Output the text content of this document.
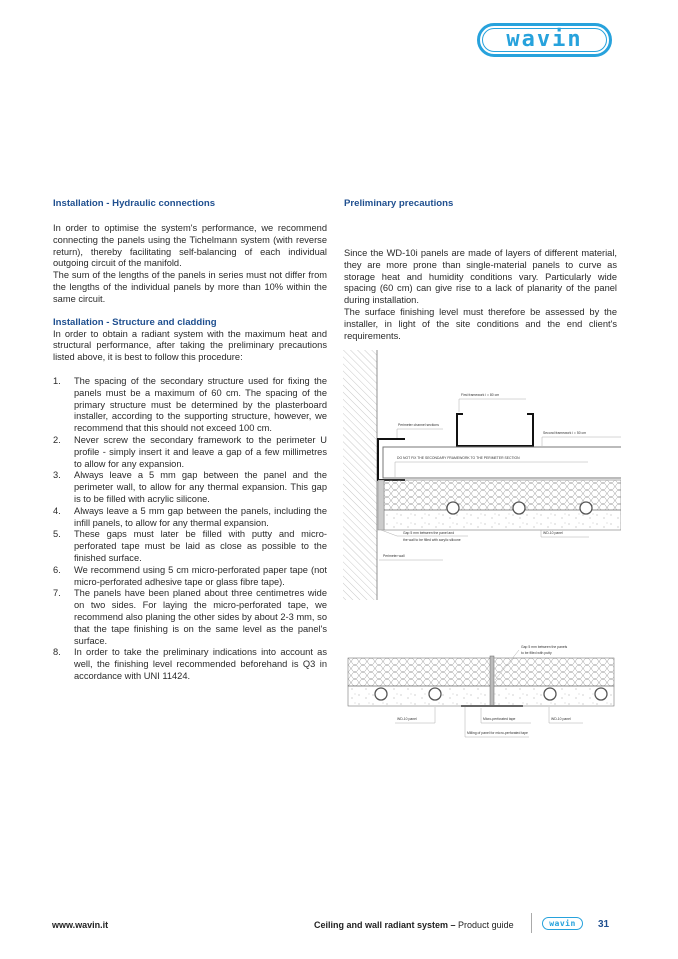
wavin
Installation - Hydraulic connections

In order to optimise the system's performance, we recommend connecting the panels using the Tichelmann system (with reverse return), thereby facilitating self-balancing of each individual outgoing circuit of the manifold.

The sum of the lengths of the panels in series must not differ from the lengths of the individual panels by more than 10% within the same circuit.

Installation - Structure and cladding

In order to obtain a radiant system with the maximum heat and structural performance, after taking the preliminary precautions listed above, it is best to follow this procedure:

1. The spacing of the secondary structure used for fixing the panels must be a maximum of 60 cm. The spacing of the primary structure must be determined by the plasterboard installer, according to the supporting structure, however, we recommend that this should not exceed 100 cm.
2. Never screw the secondary framework to the perimeter U profile - simply insert it and leave a gap of a few millimetres to allow for any expansion.
3. Always leave a 5 mm gap between the panel and the perimeter wall, to allow for any thermal expansion. This gap is to be filled with acrylic silicone.
4. Always leave a 5 mm gap between the panels, including the infill panels, to allow for any thermal expansion.
5. These gaps must later be filled with putty and micro-perforated tape must be laid as close as possible to the finished surface.
6. We recommend using 5 cm micro-perforated paper tape (not micro-perforated adhesive tape or glass fibre tape).
7. The panels have been planed about three centimetres wide on two sides. For laying the micro-perforated tape, we recommend also planing the other sides by about 2-3 mm, so that the tape finishing is on the same level as the panel's surface.
8. In order to take the preliminary indications into account as well, the finishing level recommended beforehand is Q3 in accordance with UNI 11424.
Preliminary precautions

Since the WD-10i panels are made of layers of different material, they are more prone than single-material panels to curve as storage heat and humidity conditions vary. Particularly wide spacing (60 cm) can give rise to a lack of planarity of the panel during installation.

The surface finishing level must therefore be assessed by the installer, in light of the site conditions and the end client's requirements.

First framework i = 80 cm
Perimeter channel sections
Second framework i = 50 cm
DO NOT FIX THE SECONDARY FRAMEWORK TO THE PERIMETER SECTION
Gap 5 mm between the panel and
the wall to be filled with acrylic silicone
WD-10 panel
Perimeter wall
Gap 5 mm between the panels
to be filled with putty
WD-10 panel	Micro-perforated tape	WD-10 panel
Milling of panel for micro-perforated tape
www.wavin.it	Ceiling and wall radiant system – Product guide	wavin 31
